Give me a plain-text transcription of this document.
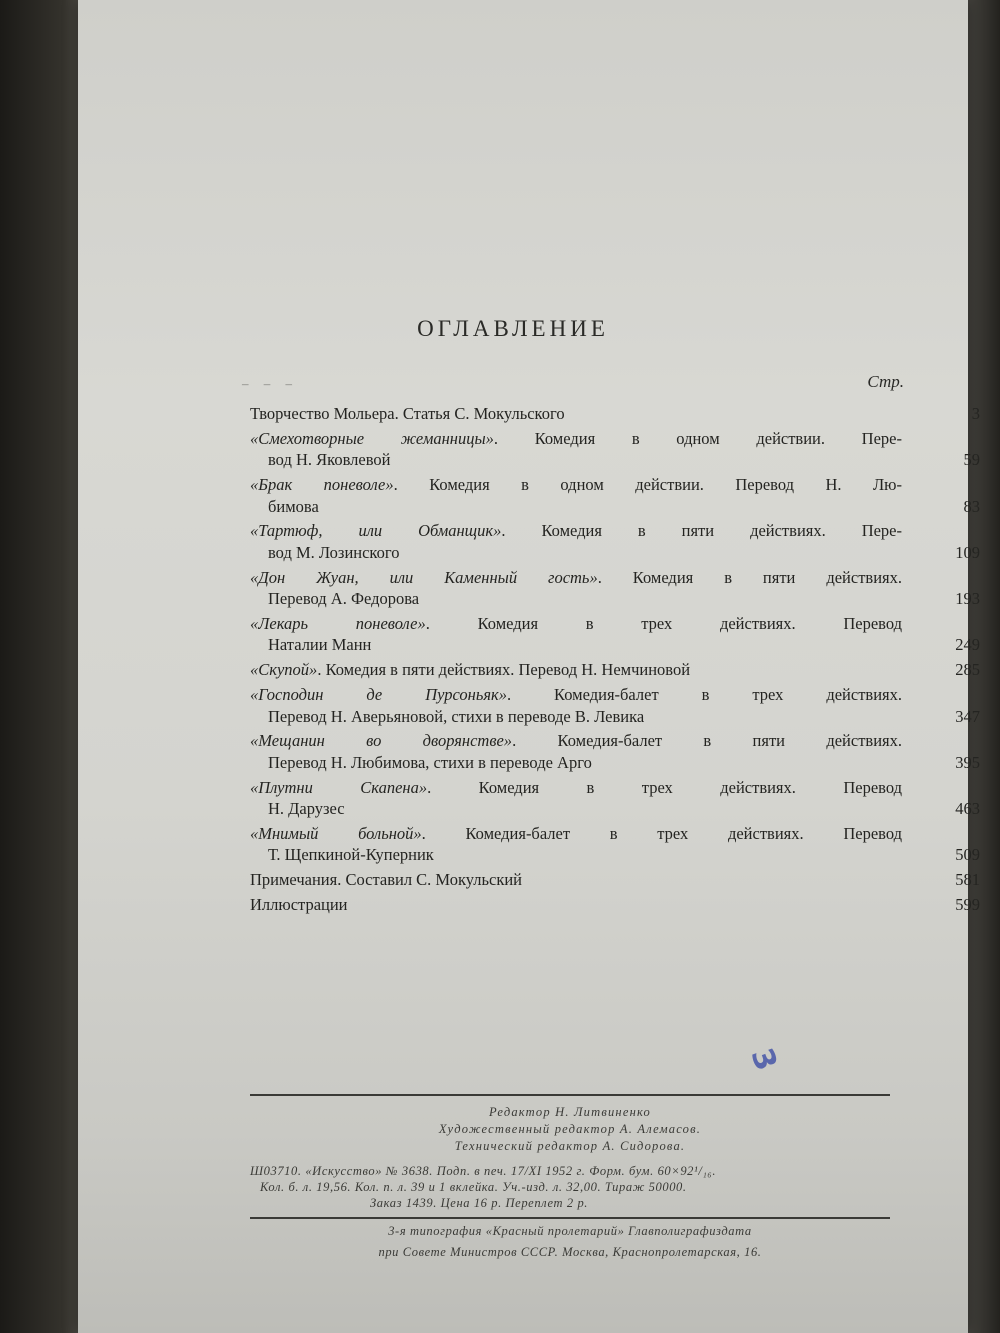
ОГЛАВЛЕНИЕ
– – –	Стр.
Творчество Мольера. Статья С. Мокульского	3
«Смехотворные жеманницы». Комедия в одном действии. Пере-
вод Н. Яковлевой	59
«Брак поневоле». Комедия в одном действии. Перевод Н. Лю-
бимова	83
«Тартюф, или Обманщик». Комедия в пяти действиях. Пере-
вод М. Лозинского	109
«Дон Жуан, или Каменный гость». Комедия в пяти действиях.
Перевод А. Федорова	193
«Лекарь поневоле». Комедия в трех действиях. Перевод
Наталии Манн	249
«Скупой». Комедия в пяти действиях. Перевод Н. Немчиновой	285
«Господин де Пурсоньяк». Комедия-балет в трех действиях.
Перевод Н. Аверьяновой, стихи в переводе В. Левика	347
«Мещанин во дворянстве». Комедия-балет в пяти действиях.
Перевод Н. Любимова, стихи в переводе Арго	395
«Плутни Скапена». Комедия в трех действиях. Перевод
Н. Дарузес	463
«Мнимый больной». Комедия-балет в трех действиях. Перевод
Т. Щепкиной-Куперник	509
Примечания. Составил С. Мокульский	581
Иллюстрации	599
3
Редактор Н. Литвиненко
Художественный редактор А. Алемасов.
Технический редактор А. Сидорова.
Ш03710. «Искусство» № 3638. Подп. в печ. 17/XI 1952 г. Форм. бум. 60×92¹/₁₆.
Кол. б. л. 19,56. Кол. п. л. 39 и 1 вклейка. Уч.-изд. л. 32,00. Тираж 50000.
Заказ 1439. Цена 16 р. Переплет 2 р.
3-я типография «Красный пролетарий» Главполиграфиздата
при Совете Министров СССР. Москва, Краснопролетарская, 16.
